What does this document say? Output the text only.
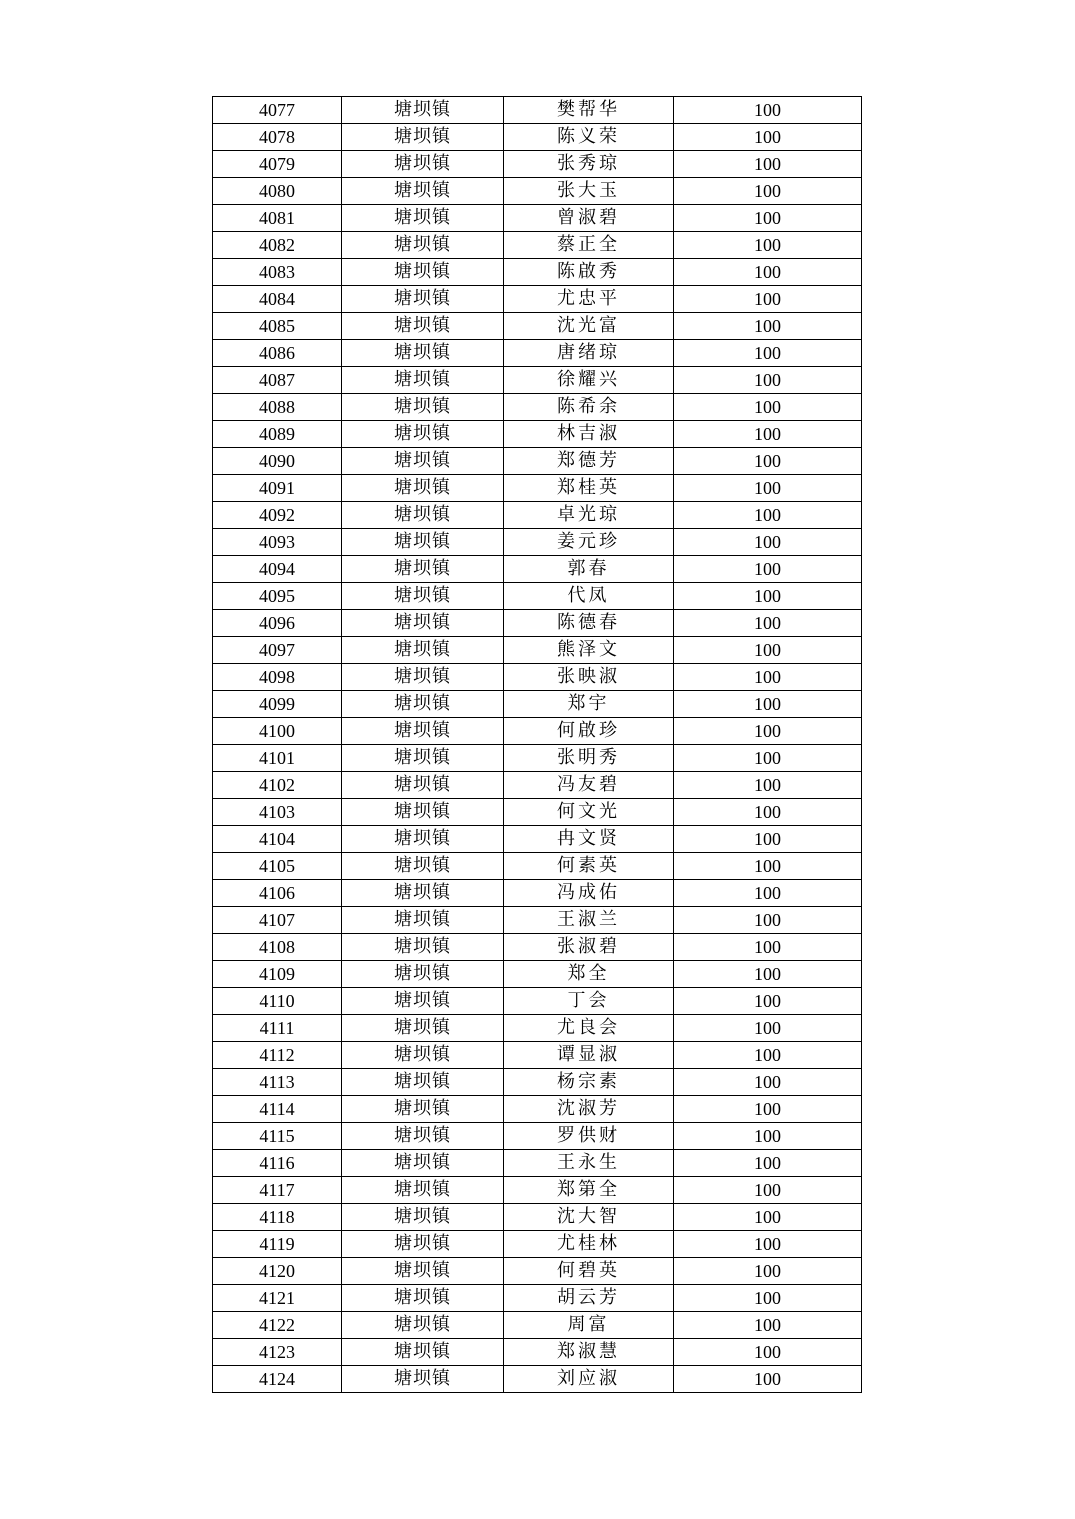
4077	塘坝镇	樊帮华	100
4078	塘坝镇	陈义荣	100
4079	塘坝镇	张秀琼	100
4080	塘坝镇	张大玉	100
4081	塘坝镇	曾淑碧	100
4082	塘坝镇	蔡正全	100
4083	塘坝镇	陈啟秀	100
4084	塘坝镇	尤忠平	100
4085	塘坝镇	沈光富	100
4086	塘坝镇	唐绪琼	100
4087	塘坝镇	徐耀兴	100
4088	塘坝镇	陈希余	100
4089	塘坝镇	林吉淑	100
4090	塘坝镇	郑德芳	100
4091	塘坝镇	郑桂英	100
4092	塘坝镇	卓光琼	100
4093	塘坝镇	姜元珍	100
4094	塘坝镇	郭春	100
4095	塘坝镇	代凤	100
4096	塘坝镇	陈德春	100
4097	塘坝镇	熊泽文	100
4098	塘坝镇	张映淑	100
4099	塘坝镇	郑宇	100
4100	塘坝镇	何啟珍	100
4101	塘坝镇	张明秀	100
4102	塘坝镇	冯友碧	100
4103	塘坝镇	何文光	100
4104	塘坝镇	冉文贤	100
4105	塘坝镇	何素英	100
4106	塘坝镇	冯成佑	100
4107	塘坝镇	王淑兰	100
4108	塘坝镇	张淑碧	100
4109	塘坝镇	郑全	100
4110	塘坝镇	丁会	100
4111	塘坝镇	尤良会	100
4112	塘坝镇	谭显淑	100
4113	塘坝镇	杨宗素	100
4114	塘坝镇	沈淑芳	100
4115	塘坝镇	罗供财	100
4116	塘坝镇	王永生	100
4117	塘坝镇	郑第全	100
4118	塘坝镇	沈大智	100
4119	塘坝镇	尤桂林	100
4120	塘坝镇	何碧英	100
4121	塘坝镇	胡云芳	100
4122	塘坝镇	周富	100
4123	塘坝镇	郑淑慧	100
4124	塘坝镇	刘应淑	100
